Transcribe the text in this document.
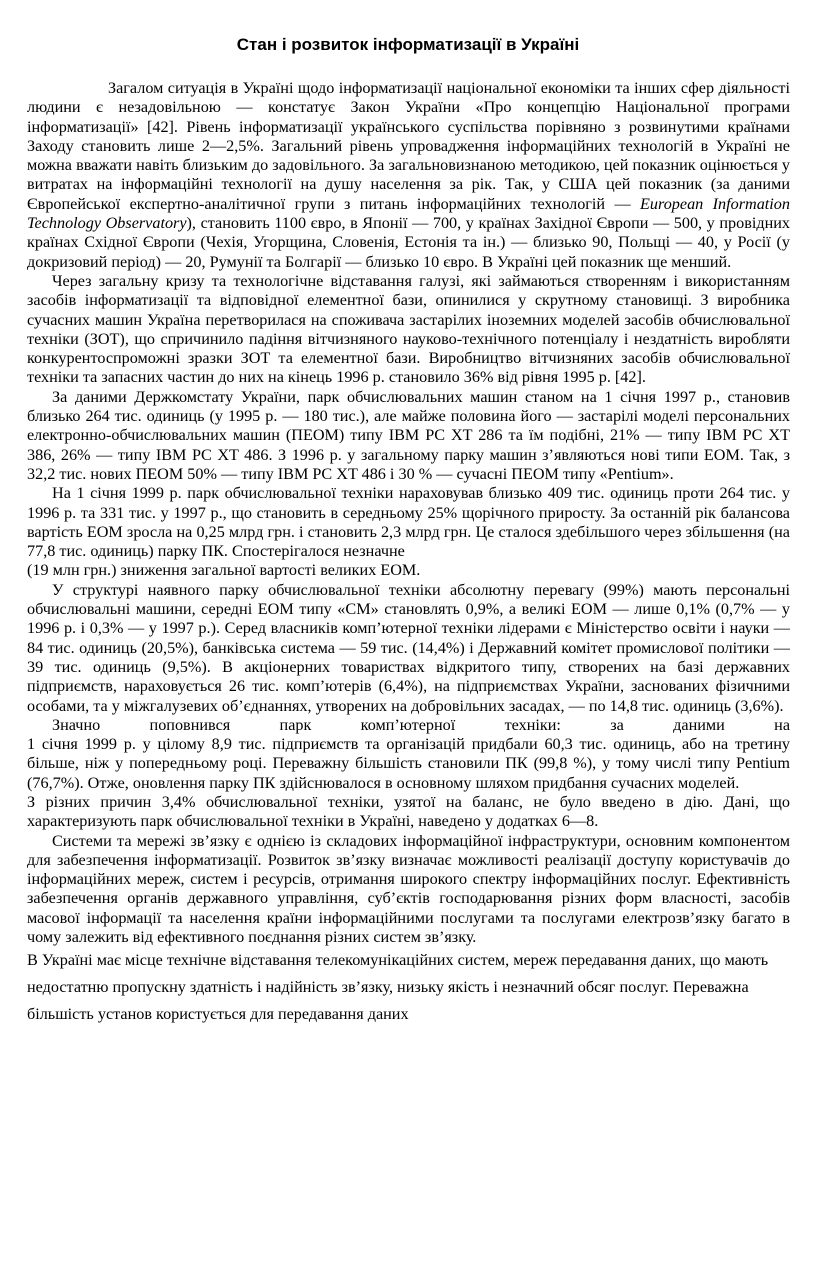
Стан і розвиток інформатизації в Україні

Загалом ситуація в Україні щодо інформатизації національної економіки та інших сфер діяльності людини є незадовільною — констатує Закон України «Про концепцію Національної програми інформатизації» [42]. Рівень інформатизації українського суспільства порівняно з розвинутими країнами Заходу становить лише 2—2,5%. Загальний рівень упровадження інформаційних технологій в Україні не можна вважати навіть близьким до задовільного. За загальновизнаною методикою, цей показник оцінюється у витратах на інформаційні технології на душу населення за рік. Так, у США цей показник (за даними Європейської експертно-аналітичної групи з питань інформаційних технологій — European Information Technology Observatory), становить 1100 євро, в Японії — 700, у країнах Західної Європи — 500, у провідних країнах Східної Європи (Чехія, Угорщина, Словенія, Естонія та ін.) — близько 90, Польщі — 40, у Росії (у докризовий період) — 20, Румунії та Болгарії — близько 10 євро. В Україні цей показник ще менший.

Через загальну кризу та технологічне відставання галузі, які займаються створенням і використанням засобів інформатизації та відповідної елементної бази, опинилися у скрутному становищі. З виробника сучасних машин Україна перетворилася на споживача застарілих іноземних моделей засобів обчислювальної техніки (ЗОТ), що спричинило падіння вітчизняного науково-технічного потенціалу і нездатність виробляти конкурентоспроможні зразки ЗОТ та елементної бази. Виробництво вітчизняних засобів обчислювальної техніки та запасних частин до них на кінець 1996 р. становило 36% від рівня 1995 р. [42].

За даними Держкомстату України, парк обчислювальних машин станом на 1 січня 1997 р., становив близько 264 тис. одиниць (у 1995 р. — 180 тис.), але майже половина його — застарілі моделі персональних електронно-обчислювальних машин (ПЕОМ) типу IBM PC XT 286 та їм подібні, 21% — типу IBM PC XT 386, 26% — типу IBM PC XT 486. З 1996 р. у загальному парку машин з’являються нові типи ЕОМ. Так, з 32,2 тис. нових ПЕОМ 50% — типу IBM PC XT 486 і 30 % — сучасні ПЕОМ типу «Pentium».

На 1 січня 1999 р. парк обчислювальної техніки нараховував близько 409 тис. одиниць проти 264 тис. у 1996 р. та 331 тис. у 1997 р., що становить в середньому 25% щорічного приросту. За останній рік балансова вартість ЕОМ зросла на 0,25 млрд грн. і становить 2,3 млрд грн. Це сталося здебільшого через збільшення (на 77,8 тис. одиниць) парку ПК. Спостерігалося незначне

(19 млн грн.) зниження загальної вартості великих ЕОМ.

У структурі наявного парку обчислювальної техніки абсолютну перевагу (99%) мають персональні обчислювальні машини, середні ЕОМ типу «СМ» становлять 0,9%, а великі ЕОМ — лише 0,1% (0,7% — у 1996 р. і 0,3% — у 1997 р.). Серед власників комп’ютерної техніки лідерами є Міністерство освіти і науки — 84 тис. одиниць (20,5%), банківська система — 59 тис. (14,4%) і Державний комітет промислової політики — 39 тис. одиниць (9,5%). В акціонерних товариствах відкритого типу, створених на базі державних підприємств, нараховується 26 тис. комп’ютерів (6,4%), на підприємствах України, заснованих фізичними особами, та у міжгалузевих об’єднаннях, утворених на добровільних засадах, — по 14,8 тис. одиниць (3,6%).

Значно поповнився парк комп’ютерної техніки: за даними на

1 січня 1999 р. у цілому 8,9 тис. підприємств та організацій придбали 60,3 тис. одиниць, або на третину більше, ніж у попередньому році. Переважну більшість становили ПК (99,8 %), у тому числі типу Pentium (76,7%). Отже, оновлення парку ПК здійснювалося в основному шляхом придбання сучасних моделей.

З різних причин 3,4% обчислювальної техніки, узятої на баланс, не було введено в дію. Дані, що характеризують парк обчислювальної техніки в Україні, наведено у додатках 6—8.

Системи та мережі зв’язку є однією із складових інформаційної інфраструктури, основним компонентом для забезпечення інформатизації. Розвиток зв’язку визначає можливості реалізації доступу користувачів до інформаційних мереж, систем і ресурсів, отримання широкого спектру інформаційних послуг. Ефективність забезпечення органів державного управління, суб’єктів господарювання різних форм власності, засобів масової інформації та населення країни інформаційними послугами та послугами електрозв’язку багато в чому залежить від ефективного поєднання різних систем зв’язку.

В Україні має місце технічне відставання телекомунікаційних систем, мереж передавання даних, що мають недостатню пропускну здатність і надійність зв’язку, низьку якість і незначний обсяг послуг. Переважна більшість установ користується для передавання даних
